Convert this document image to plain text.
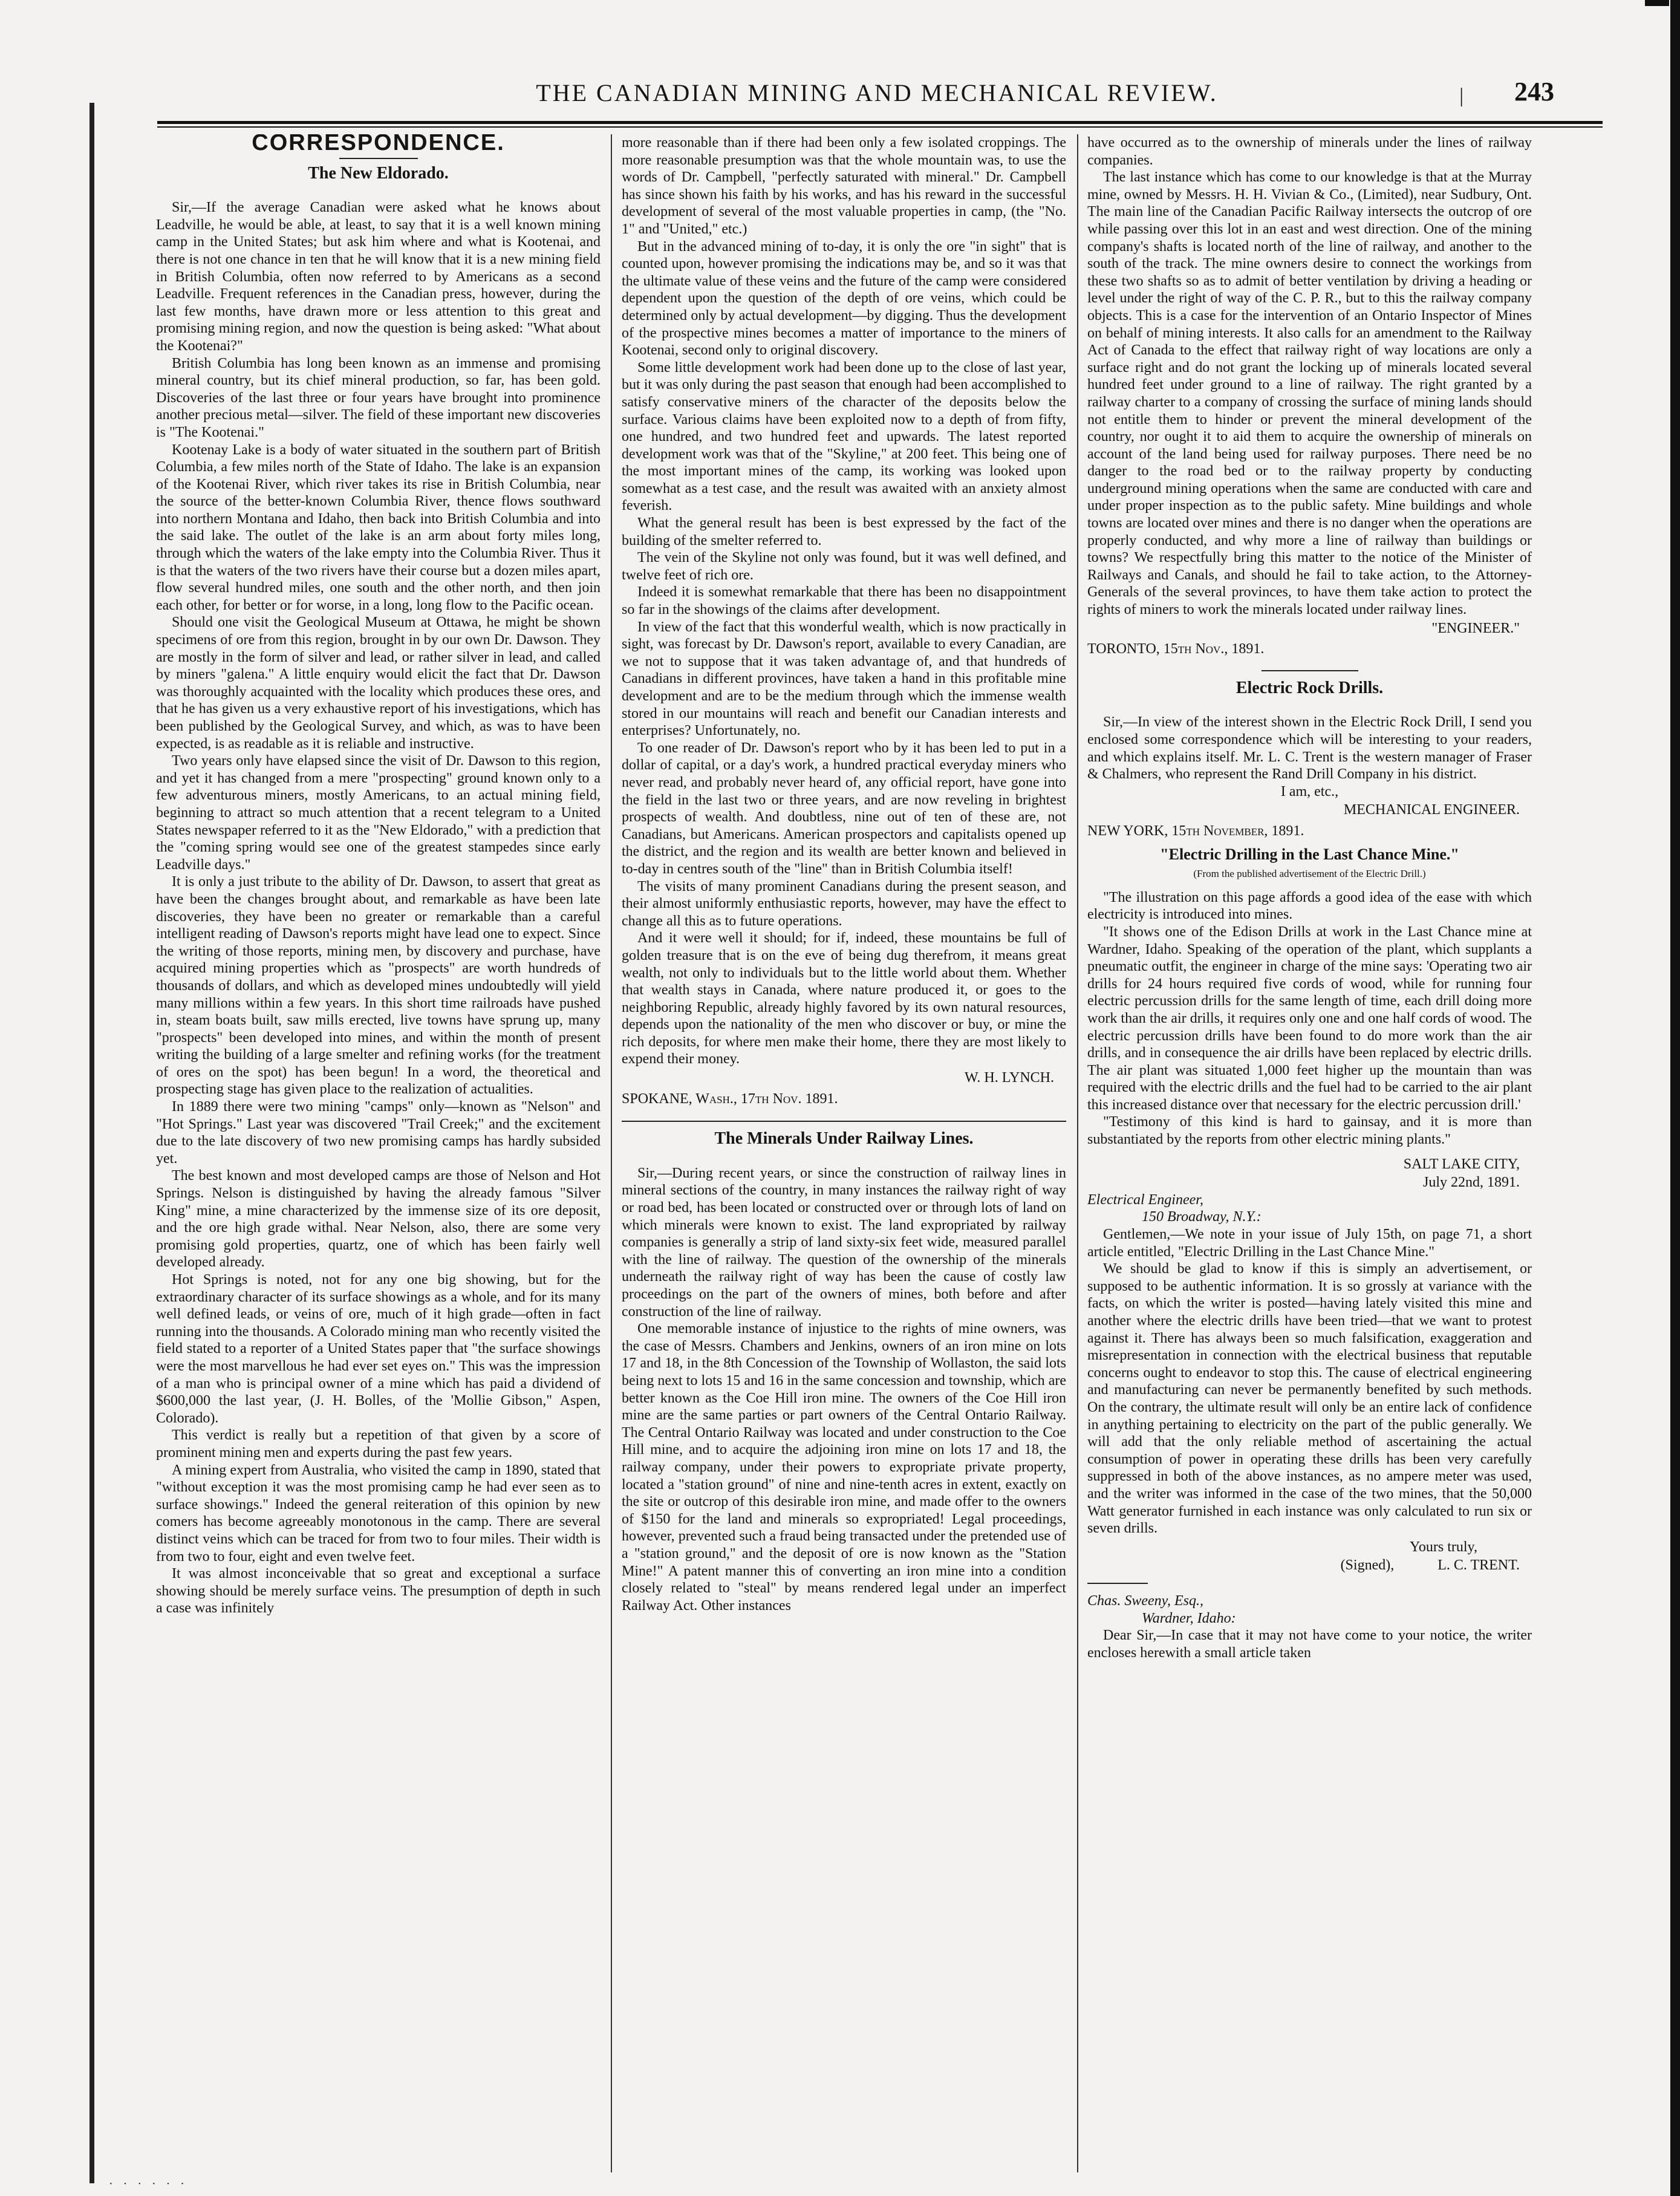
THE CANADIAN MINING AND MECHANICAL REVIEW.	| 243
CORRESPONDENCE.
The New Eldorado.

Sir,—If the average Canadian were asked what he knows about Leadville, he would be able, at least, to say that it is a well known mining camp in the United States; but ask him where and what is Kootenai, and there is not one chance in ten that he will know that it is a new mining field in British Columbia, often now referred to by Americans as a second Leadville. Frequent references in the Canadian press, however, during the last few months, have drawn more or less attention to this great and promising mining region, and now the question is being asked: "What about the Kootenai?"

British Columbia has long been known as an immense and promising mineral country, but its chief mineral production, so far, has been gold. Discoveries of the last three or four years have brought into prominence another precious metal—silver. The field of these important new discoveries is "The Kootenai."

Kootenay Lake is a body of water situated in the southern part of British Columbia, a few miles north of the State of Idaho. The lake is an expansion of the Kootenai River, which river takes its rise in British Columbia, near the source of the better-known Columbia River, thence flows southward into northern Montana and Idaho, then back into British Columbia and into the said lake. The outlet of the lake is an arm about forty miles long, through which the waters of the lake empty into the Columbia River. Thus it is that the waters of the two rivers have their course but a dozen miles apart, flow several hundred miles, one south and the other north, and then join each other, for better or for worse, in a long, long flow to the Pacific ocean.

Should one visit the Geological Museum at Ottawa, he might be shown specimens of ore from this region, brought in by our own Dr. Dawson. They are mostly in the form of silver and lead, or rather silver in lead, and called by miners "galena." A little enquiry would elicit the fact that Dr. Dawson was thoroughly acquainted with the locality which produces these ores, and that he has given us a very exhaustive report of his investigations, which has been published by the Geological Survey, and which, as was to have been expected, is as readable as it is reliable and instructive.

Two years only have elapsed since the visit of Dr. Dawson to this region, and yet it has changed from a mere "prospecting" ground known only to a few adventurous miners, mostly Americans, to an actual mining field, beginning to attract so much attention that a recent telegram to a United States newspaper referred to it as the "New Eldorado," with a prediction that the "coming spring would see one of the greatest stampedes since early Leadville days."

It is only a just tribute to the ability of Dr. Dawson, to assert that great as have been the changes brought about, and remarkable as have been late discoveries, they have been no greater or remarkable than a careful intelligent reading of Dawson's reports might have lead one to expect. Since the writing of those reports, mining men, by discovery and purchase, have acquired mining properties which as "prospects" are worth hundreds of thousands of dollars, and which as developed mines undoubtedly will yield many millions within a few years. In this short time railroads have pushed in, steam boats built, saw mills erected, live towns have sprung up, many "prospects" been developed into mines, and within the month of present writing the building of a large smelter and refining works (for the treatment of ores on the spot) has been begun! In a word, the theoretical and prospecting stage has given place to the realization of actualities.

In 1889 there were two mining "camps" only—known as "Nelson" and "Hot Springs." Last year was discovered "Trail Creek;" and the excitement due to the late discovery of two new promising camps has hardly subsided yet.

The best known and most developed camps are those of Nelson and Hot Springs. Nelson is distinguished by having the already famous "Silver King" mine, a mine characterized by the immense size of its ore deposit, and the ore high grade withal. Near Nelson, also, there are some very promising gold properties, quartz, one of which has been fairly well developed already.

Hot Springs is noted, not for any one big showing, but for the extraordinary character of its surface showings as a whole, and for its many well defined leads, or veins of ore, much of it high grade—often in fact running into the thousands. A Colorado mining man who recently visited the field stated to a reporter of a United States paper that "the surface showings were the most marvellous he had ever set eyes on." This was the impression of a man who is principal owner of a mine which has paid a dividend of $600,000 the last year, (J. H. Bolles, of the 'Mollie Gibson," Aspen, Colorado).

This verdict is really but a repetition of that given by a score of prominent mining men and experts during the past few years.

A mining expert from Australia, who visited the camp in 1890, stated that "without exception it was the most promising camp he had ever seen as to surface showings." Indeed the general reiteration of this opinion by new comers has become agreeably monotonous in the camp. There are several distinct veins which can be traced for from two to four miles. Their width is from two to four, eight and even twelve feet.

It was almost inconceivable that so great and exceptional a surface showing should be merely surface veins. The presumption of depth in such a case was infinitely

more reasonable than if there had been only a few isolated croppings. The more reasonable presumption was that the whole mountain was, to use the words of Dr. Campbell, "perfectly saturated with mineral." Dr. Campbell has since shown his faith by his works, and has his reward in the successful development of several of the most valuable properties in camp, (the "No. 1" and "United," etc.)

But in the advanced mining of to-day, it is only the ore "in sight" that is counted upon, however promising the indications may be, and so it was that the ultimate value of these veins and the future of the camp were considered dependent upon the question of the depth of ore veins, which could be determined only by actual development—by digging. Thus the development of the prospective mines becomes a matter of importance to the miners of Kootenai, second only to original discovery.

Some little development work had been done up to the close of last year, but it was only during the past season that enough had been accomplished to satisfy conservative miners of the character of the deposits below the surface. Various claims have been exploited now to a depth of from fifty, one hundred, and two hundred feet and upwards. The latest reported development work was that of the "Skyline," at 200 feet. This being one of the most important mines of the camp, its working was looked upon somewhat as a test case, and the result was awaited with an anxiety almost feverish.

What the general result has been is best expressed by the fact of the building of the smelter referred to.

The vein of the Skyline not only was found, but it was well defined, and twelve feet of rich ore.

Indeed it is somewhat remarkable that there has been no disappointment so far in the showings of the claims after development.

In view of the fact that this wonderful wealth, which is now practically in sight, was forecast by Dr. Dawson's report, available to every Canadian, are we not to suppose that it was taken advantage of, and that hundreds of Canadians in different provinces, have taken a hand in this profitable mine development and are to be the medium through which the immense wealth stored in our mountains will reach and benefit our Canadian interests and enterprises? Unfortunately, no.

To one reader of Dr. Dawson's report who by it has been led to put in a dollar of capital, or a day's work, a hundred practical everyday miners who never read, and probably never heard of, any official report, have gone into the field in the last two or three years, and are now reveling in brightest prospects of wealth. And doubtless, nine out of ten of these are, not Canadians, but Americans. American prospectors and capitalists opened up the district, and the region and its wealth are better known and believed in to-day in centres south of the "line" than in British Columbia itself!

The visits of many prominent Canadians during the present season, and their almost uniformly enthusiastic reports, however, may have the effect to change all this as to future operations.

And it were well it should; for if, indeed, these mountains be full of golden treasure that is on the eve of being dug therefrom, it means great wealth, not only to individuals but to the little world about them. Whether that wealth stays in Canada, where nature produced it, or goes to the neighboring Republic, already highly favored by its own natural resources, depends upon the nationality of the men who discover or buy, or mine the rich deposits, for where men make their home, there they are most likely to expend their money.

W. H. LYNCH.
SPOKANE, Wash., 17th Nov. 1891.
The Minerals Under Railway Lines.

Sir,—During recent years, or since the construction of railway lines in mineral sections of the country, in many instances the railway right of way or road bed, has been located or constructed over or through lots of land on which minerals were known to exist. The land expropriated by railway companies is generally a strip of land sixty-six feet wide, measured parallel with the line of railway. The question of the ownership of the minerals underneath the railway right of way has been the cause of costly law proceedings on the part of the owners of mines, both before and after construction of the line of railway.

One memorable instance of injustice to the rights of mine owners, was the case of Messrs. Chambers and Jenkins, owners of an iron mine on lots 17 and 18, in the 8th Concession of the Township of Wollaston, the said lots being next to lots 15 and 16 in the same concession and township, which are better known as the Coe Hill iron mine. The owners of the Coe Hill iron mine are the same parties or part owners of the Central Ontario Railway. The Central Ontario Railway was located and under construction to the Coe Hill mine, and to acquire the adjoining iron mine on lots 17 and 18, the railway company, under their powers to expropriate private property, located a "station ground" of nine and nine-tenth acres in extent, exactly on the site or outcrop of this desirable iron mine, and made offer to the owners of $150 for the land and minerals so expropriated! Legal proceedings, however, prevented such a fraud being transacted under the pretended use of a "station ground," and the deposit of ore is now known as the "Station Mine!" A patent manner this of converting an iron mine into a condition closely related to "steal" by means rendered legal under an imperfect Railway Act. Other instances

have occurred as to the ownership of minerals under the lines of railway companies.

The last instance which has come to our knowledge is that at the Murray mine, owned by Messrs. H. H. Vivian & Co., (Limited), near Sudbury, Ont. The main line of the Canadian Pacific Railway intersects the outcrop of ore while passing over this lot in an east and west direction. One of the mining company's shafts is located north of the line of railway, and another to the south of the track. The mine owners desire to connect the workings from these two shafts so as to admit of better ventilation by driving a heading or level under the right of way of the C. P. R., but to this the railway company objects. This is a case for the intervention of an Ontario Inspector of Mines on behalf of mining interests. It also calls for an amendment to the Railway Act of Canada to the effect that railway right of way locations are only a surface right and do not grant the locking up of minerals located several hundred feet under ground to a line of railway. The right granted by a railway charter to a company of crossing the surface of mining lands should not entitle them to hinder or prevent the mineral development of the country, nor ought it to aid them to acquire the ownership of minerals on account of the land being used for railway purposes. There need be no danger to the road bed or to the railway property by conducting underground mining operations when the same are conducted with care and under proper inspection as to the public safety. Mine buildings and whole towns are located over mines and there is no danger when the operations are properly conducted, and why more a line of railway than buildings or towns? We respectfully bring this matter to the notice of the Minister of Railways and Canals, and should he fail to take action, to the Attorney-Generals of the several provinces, to have them take action to protect the rights of miners to work the minerals located under railway lines.

"ENGINEER."
TORONTO, 15th Nov., 1891.
Electric Rock Drills.

Sir,—In view of the interest shown in the Electric Rock Drill, I send you enclosed some correspondence which will be interesting to your readers, and which explains itself. Mr. L. C. Trent is the western manager of Fraser & Chalmers, who represent the Rand Drill Company in his district.

I am, etc.,
MECHANICAL ENGINEER.
NEW YORK, 15th November, 1891.
"Electric Drilling in the Last Chance Mine."
(From the published advertisement of the Electric Drill.)

"The illustration on this page affords a good idea of the ease with which electricity is introduced into mines.

"It shows one of the Edison Drills at work in the Last Chance mine at Wardner, Idaho. Speaking of the operation of the plant, which supplants a pneumatic outfit, the engineer in charge of the mine says: 'Operating two air drills for 24 hours required five cords of wood, while for running four electric percussion drills for the same length of time, each drill doing more work than the air drills, it requires only one and one half cords of wood. The electric percussion drills have been found to do more work than the air drills, and in consequence the air drills have been replaced by electric drills. The air plant was situated 1,000 feet higher up the mountain than was required with the electric drills and the fuel had to be carried to the air plant this increased distance over that necessary for the electric percussion drill.'

"Testimony of this kind is hard to gainsay, and it is more than substantiated by the reports from other electric mining plants."

SALT LAKE CITY,
July 22nd, 1891.
Electrical Engineer,
150 Broadway, N.Y.:

Gentlemen,—We note in your issue of July 15th, on page 71, a short article entitled, "Electric Drilling in the Last Chance Mine."

We should be glad to know if this is simply an advertisement, or supposed to be authentic information. It is so grossly at variance with the facts, on which the writer is posted—having lately visited this mine and another where the electric drills have been tried—that we want to protest against it. There has always been so much falsification, exaggeration and misrepresentation in connection with the electrical business that reputable concerns ought to endeavor to stop this. The cause of electrical engineering and manufacturing can never be permanently benefited by such methods. On the contrary, the ultimate result will only be an entire lack of confidence in anything pertaining to electricity on the part of the public generally. We will add that the only reliable method of ascertaining the actual consumption of power in operating these drills has been very carefully suppressed in both of the above instances, as no ampere meter was used, and the writer was informed in the case of the two mines, that the 50,000 Watt generator furnished in each instance was only calculated to run six or seven drills.

Yours truly,
(Signed),	L. C. TRENT.
Chas. Sweeny, Esq.,
Wardner, Idaho:

Dear Sir,—In case that it may not have come to your notice, the writer encloses herewith a small article taken

· · · · · ·
